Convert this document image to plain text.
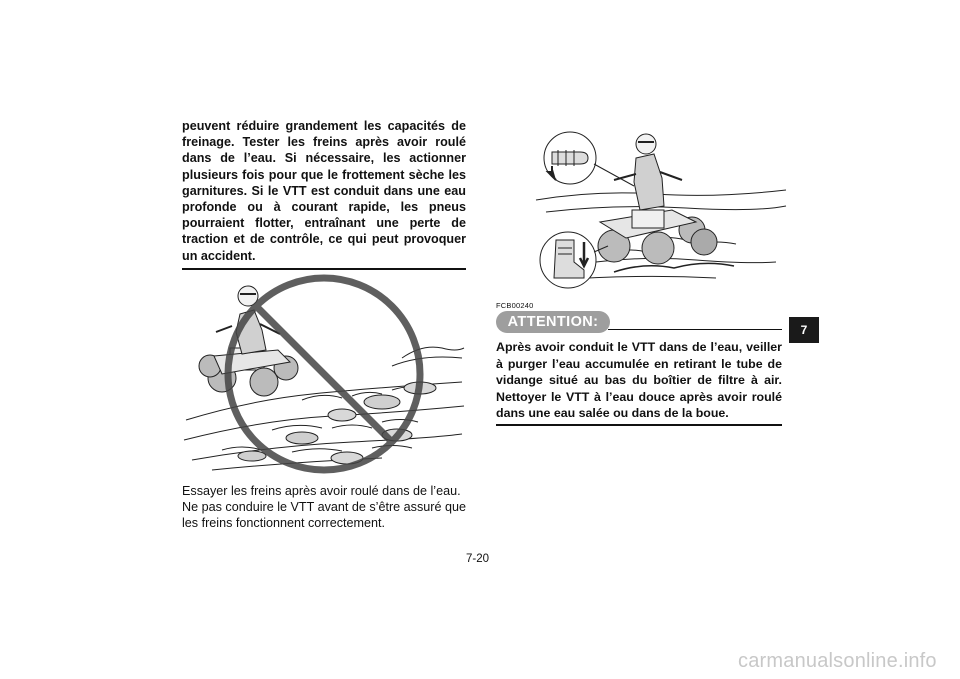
peuvent réduire grandement les capacités de freinage. Tester les freins après avoir roulé dans de l’eau. Si nécessaire, les actionner plusieurs fois pour que le frottement sèche les garnitures. Si le VTT est conduit dans une eau profonde ou à courant rapide, les pneus pourraient flotter, entraînant une perte de traction et de contrôle, ce qui peut provoquer un accident.

Essayer les freins après avoir roulé dans de l’eau. Ne pas conduire le VTT avant de s’être assuré que les freins fonctionnent correctement.

FCB00240
ATTENTION:

Après avoir conduit le VTT dans de l’eau, veiller à purger l’eau accumulée en retirant le tube de vidange situé au bas du boîtier de filtre à air. Nettoyer le VTT à l’eau douce après avoir roulé dans une eau salée ou dans de la boue.

7-20
7
carmanualsonline.info
